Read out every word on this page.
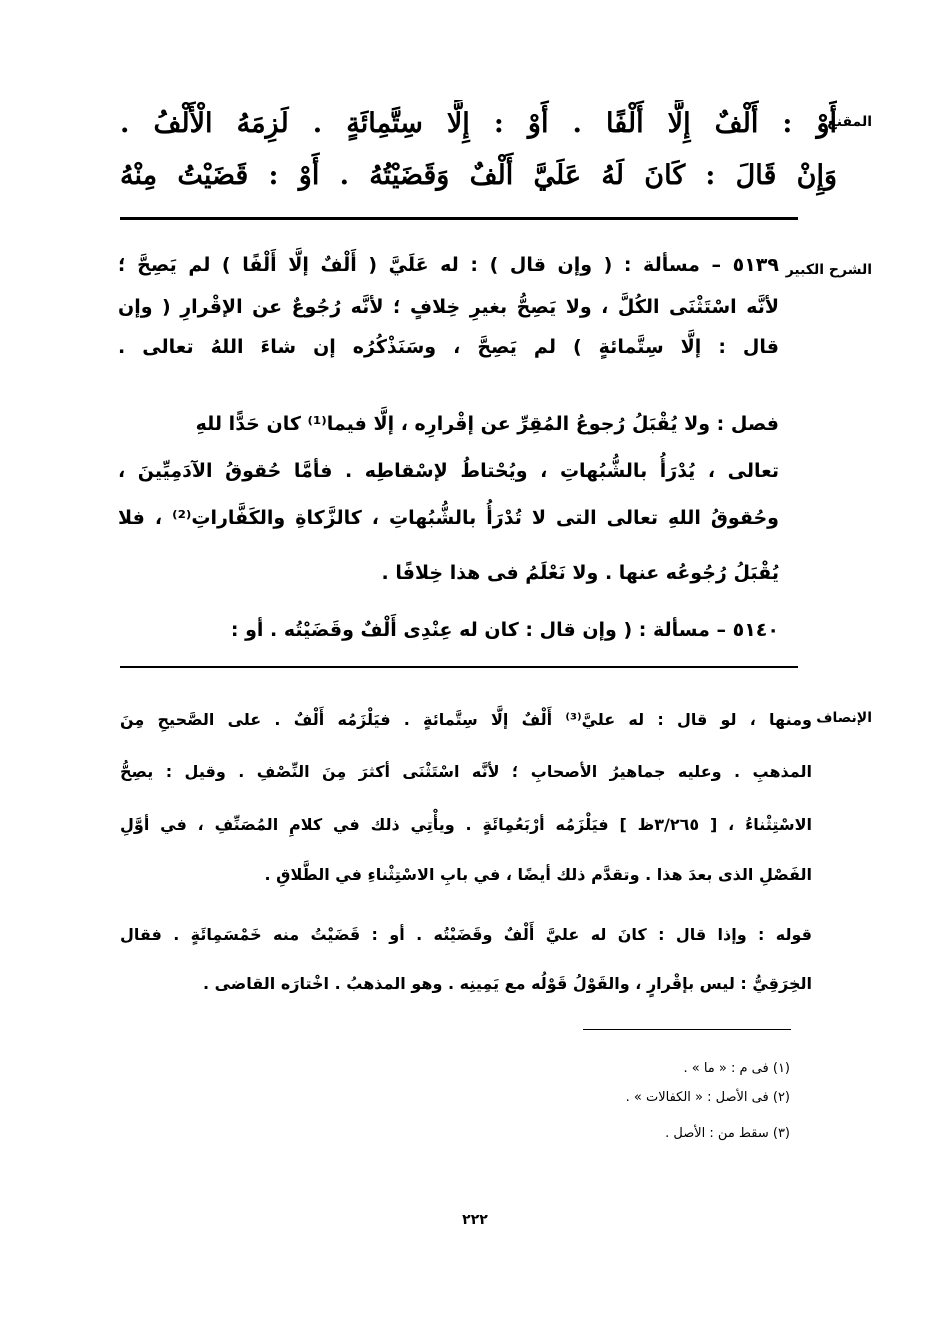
المقنع
أَوْ : أَلْفٌ إِلَّا أَلْفًا . أَوْ : إِلَّا سِتَّمِائَةٍ . لَزِمَهُ الْأَلْفُ .
وَإِنْ قَالَ : كَانَ لَهُ عَلَيَّ أَلْفٌ وَقَضَيْتُهُ . أَوْ : قَضَيْتُ مِنْهُ
الشرح الكبير
٥١٣٩ – مسألة : ( وإن قال ) : له عَلَيَّ ( أَلْفٌ إلَّا أَلْفًا ) لم يَصِحَّ ؛
لأنَّه اسْتَثْنَى الكُلَّ ، ولا يَصِحُّ بغيرِ خِلافٍ ؛ لأنَّه رُجُوعٌ عن الإقْرارِ ( وإن
قال : إلَّا سِتَّمائةٍ ) لم يَصِحَّ ، وسَنَذْكُرُه إن شاءَ اللهُ تعالى .
فصل : ولا يُقْبَلُ رُجوعُ المُقِرِّ عن إقْرارِه ، إلَّا فيما⁽¹⁾ كان حَدًّا للهِ
تعالى ، يُدْرَأُ بالشُّبُهاتِ ، ويُحْتاطُ لإسْقاطِه . فأمَّا حُقوقُ الآدَمِيِّينَ ،
وحُقوقُ اللهِ تعالى التى لا تُدْرَأُ بالشُّبُهاتِ ، كالزَّكاةِ والكَفَّاراتِ⁽²⁾ ، فلا
يُقْبَلُ رُجُوعُه عنها . ولا نَعْلَمُ فى هذا خِلافًا .
٥١٤٠ – مسألة : ( وإن قال : كان له عِنْدِى أَلْفٌ وقَضَيْتُه . أو :
الإنصاف
ومنها ، لو قال : له عليَّ⁽³⁾ أَلْفٌ إلَّا سِتَّمائةٍ . فيَلْزَمُه أَلْفٌ . على الصَّحيحِ مِنَ
المذهبِ . وعليه جماهيرُ الأصحابِ ؛ لأنَّه اسْتَثْنَى أكثرَ مِنَ النِّصْفِ . وقيل : يصِحُّ
الاسْتِثْناءُ ، [ ٣/٢٦٥ظ ] فيَلْزَمُه أرْبَعُمِائَةٍ . ويأْتِي ذلك في كلامِ المُصَنِّفِ ، في أوَّلِ
الفَصْلِ الذى بعدَ هذا . وتقدَّم ذلك أيضًا ، في بابِ الاسْتِثْناءِ في الطَّلاقِ .
قوله : وإذا قال : كانَ له عليَّ أَلْفٌ وقَضَيْتُه . أو : قَضَيْتُ منه خَمْسَمِائَةٍ . فقال
الخِرَقِيُّ : ليس بإقْرارٍ ، والقَوْلُ قَوْلُه مع يَمِينِه . وهو المذهبُ . اخْتارَه القاضى .
(١) فى م : « ما » .
(٢) فى الأصل : « الكفالات » .
(٣) سقط من : الأصل .
٢٢٢
